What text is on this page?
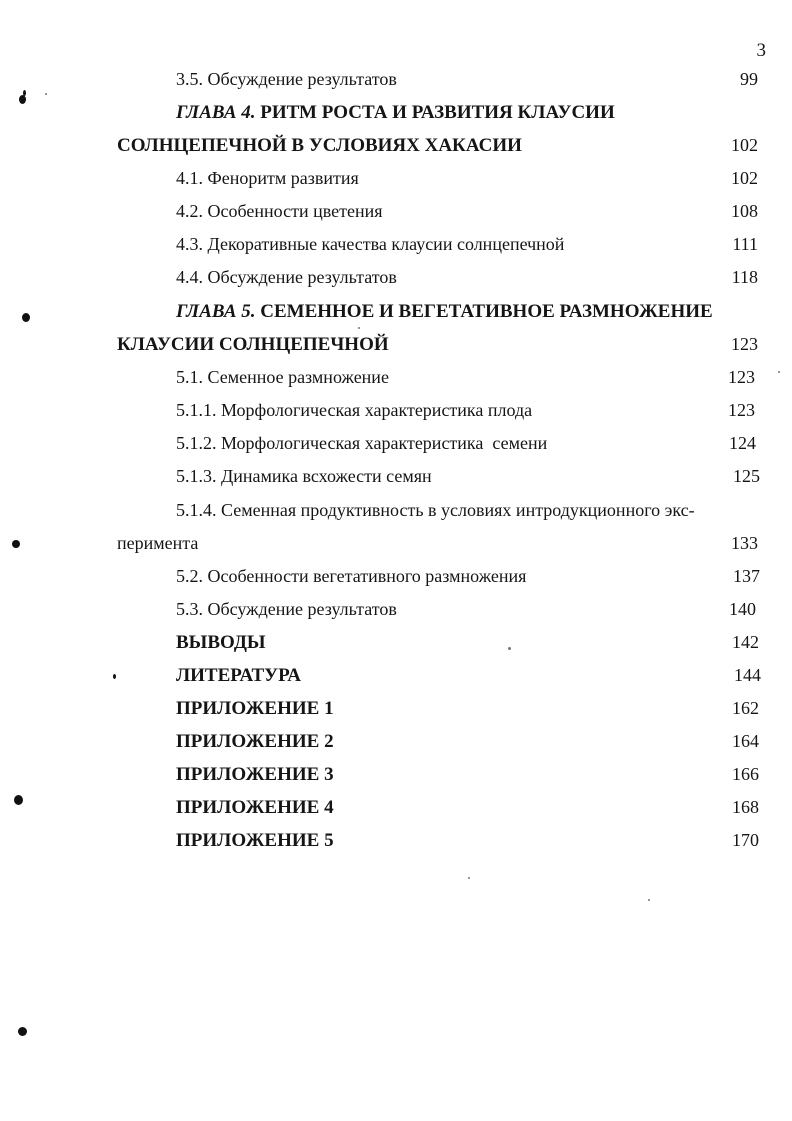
3
3.5. Обсуждение результатов	99
ГЛАВА 4. РИТМ РОСТА И РАЗВИТИЯ КЛАУСИИ
СОЛНЦЕПЕЧНОЙ В УСЛОВИЯХ ХАКАСИИ	102
4.1. Феноритм развития	102
4.2. Особенности цветения	108
4.3. Декоративные качества клаусии солнцепечной	111
4.4. Обсуждение результатов	118
ГЛАВА 5. СЕМЕННОЕ И ВЕГЕТАТИВНОЕ РАЗМНОЖЕНИЕ
КЛАУСИИ СОЛНЦЕПЕЧНОЙ	123
5.1. Семенное размножение	123
5.1.1. Морфологическая характеристика плода	123
5.1.2. Морфологическая характеристика  семени	124
5.1.3. Динамика всхожести семян	125
5.1.4. Семенная продуктивность в условиях интродукционного экс-
перимента	133
5.2. Особенности вегетативного размножения	137
5.3. Обсуждение результатов	140
ВЫВОДЫ	142
ЛИТЕРАТУРА	144
ПРИЛОЖЕНИЕ 1	162
ПРИЛОЖЕНИЕ 2	164
ПРИЛОЖЕНИЕ 3	166
ПРИЛОЖЕНИЕ 4	168
ПРИЛОЖЕНИЕ 5	170
